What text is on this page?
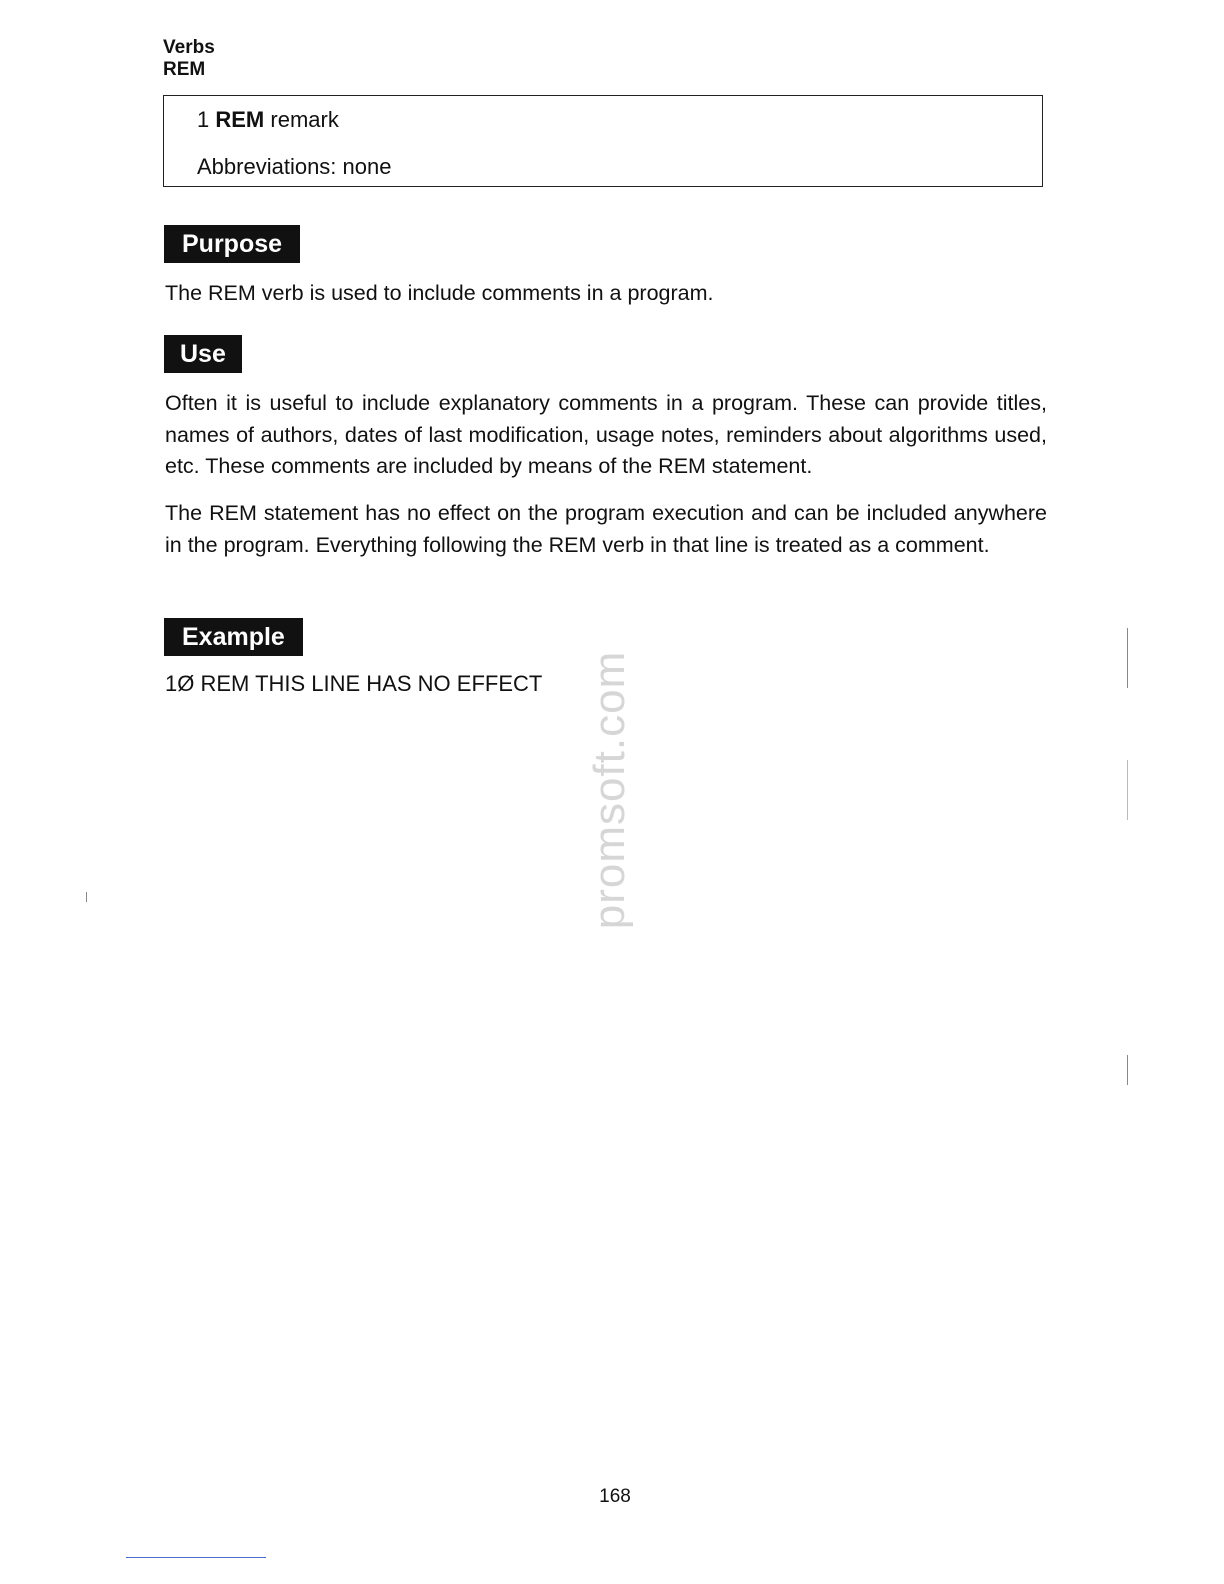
Verbs
REM
1 REM remark
Abbreviations: none
Purpose
The REM verb is used to include comments in a program.
Use
Often it is useful to include explanatory comments in a program. These can provide titles, names of authors, dates of last modification, usage notes, reminders about algorithms used, etc. These comments are included by means of the REM statement.
The REM statement has no effect on the program execution and can be included anywhere in the program. Everything following the REM verb in that line is treated as a comment.
Example
1Ø REM THIS LINE HAS NO EFFECT promsoft.com
168
